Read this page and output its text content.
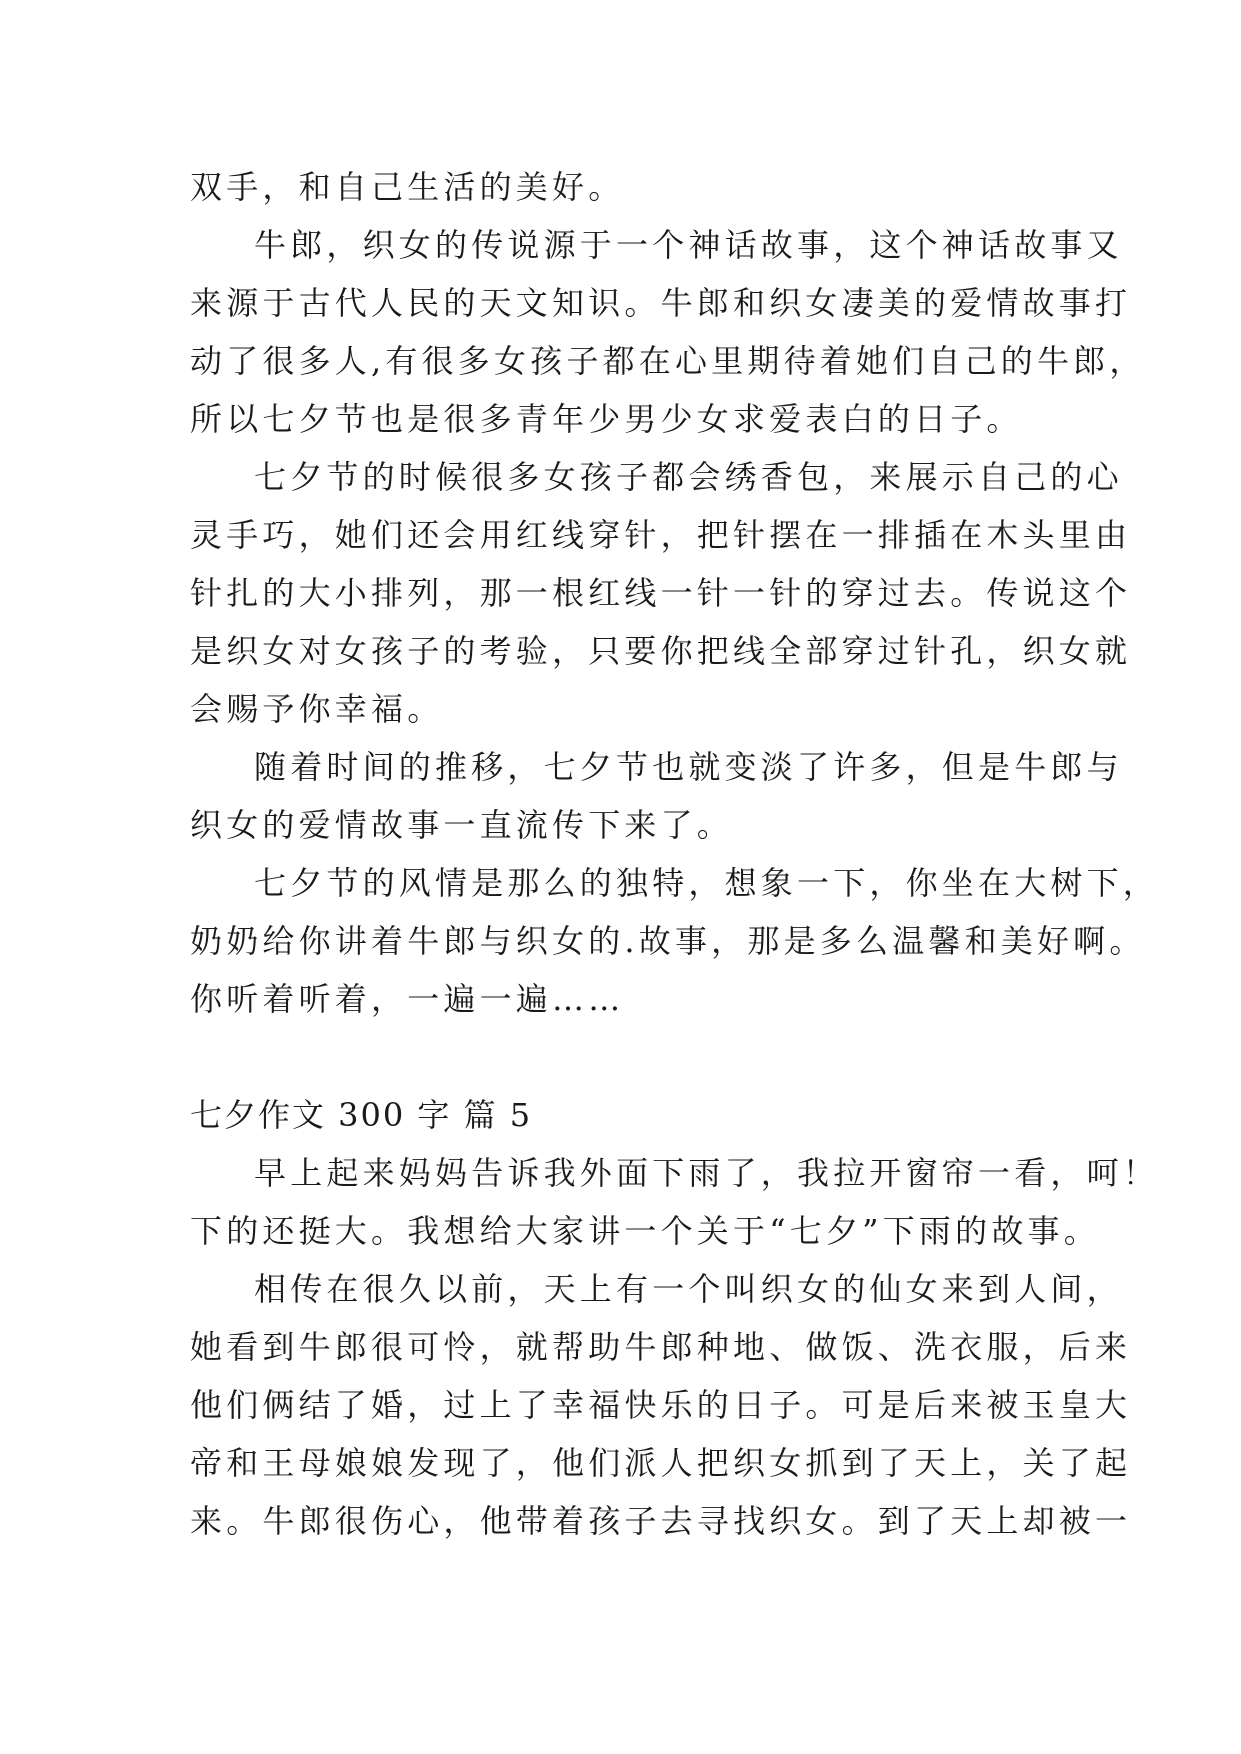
双手，和自己生活的美好。
牛郎，织女的传说源于一个神话故事，这个神话故事又
来源于古代人民的天文知识。牛郎和织女凄美的爱情故事打
动了很多人,有很多女孩子都在心里期待着她们自己的牛郎，
所以七夕节也是很多青年少男少女求爱表白的日子。
七夕节的时候很多女孩子都会绣香包，来展示自己的心
灵手巧，她们还会用红线穿针，把针摆在一排插在木头里由
针扎的大小排列，那一根红线一针一针的穿过去。传说这个
是织女对女孩子的考验，只要你把线全部穿过针孔，织女就
会赐予你幸福。
随着时间的推移，七夕节也就变淡了许多，但是牛郎与
织女的爱情故事一直流传下来了。
七夕节的风情是那么的独特，想象一下，你坐在大树下，
奶奶给你讲着牛郎与织女的.故事，那是多么温馨和美好啊。
你听着听着，一遍一遍……
七夕作文 300 字 篇 5
早上起来妈妈告诉我外面下雨了，我拉开窗帘一看，呵！
下的还挺大。我想给大家讲一个关于“七夕”下雨的故事。
相传在很久以前，天上有一个叫织女的仙女来到人间，
她看到牛郎很可怜，就帮助牛郎种地、做饭、洗衣服，后来
他们俩结了婚，过上了幸福快乐的日子。可是后来被玉皇大
帝和王母娘娘发现了，他们派人把织女抓到了天上，关了起
来。牛郎很伤心，他带着孩子去寻找织女。到了天上却被一
